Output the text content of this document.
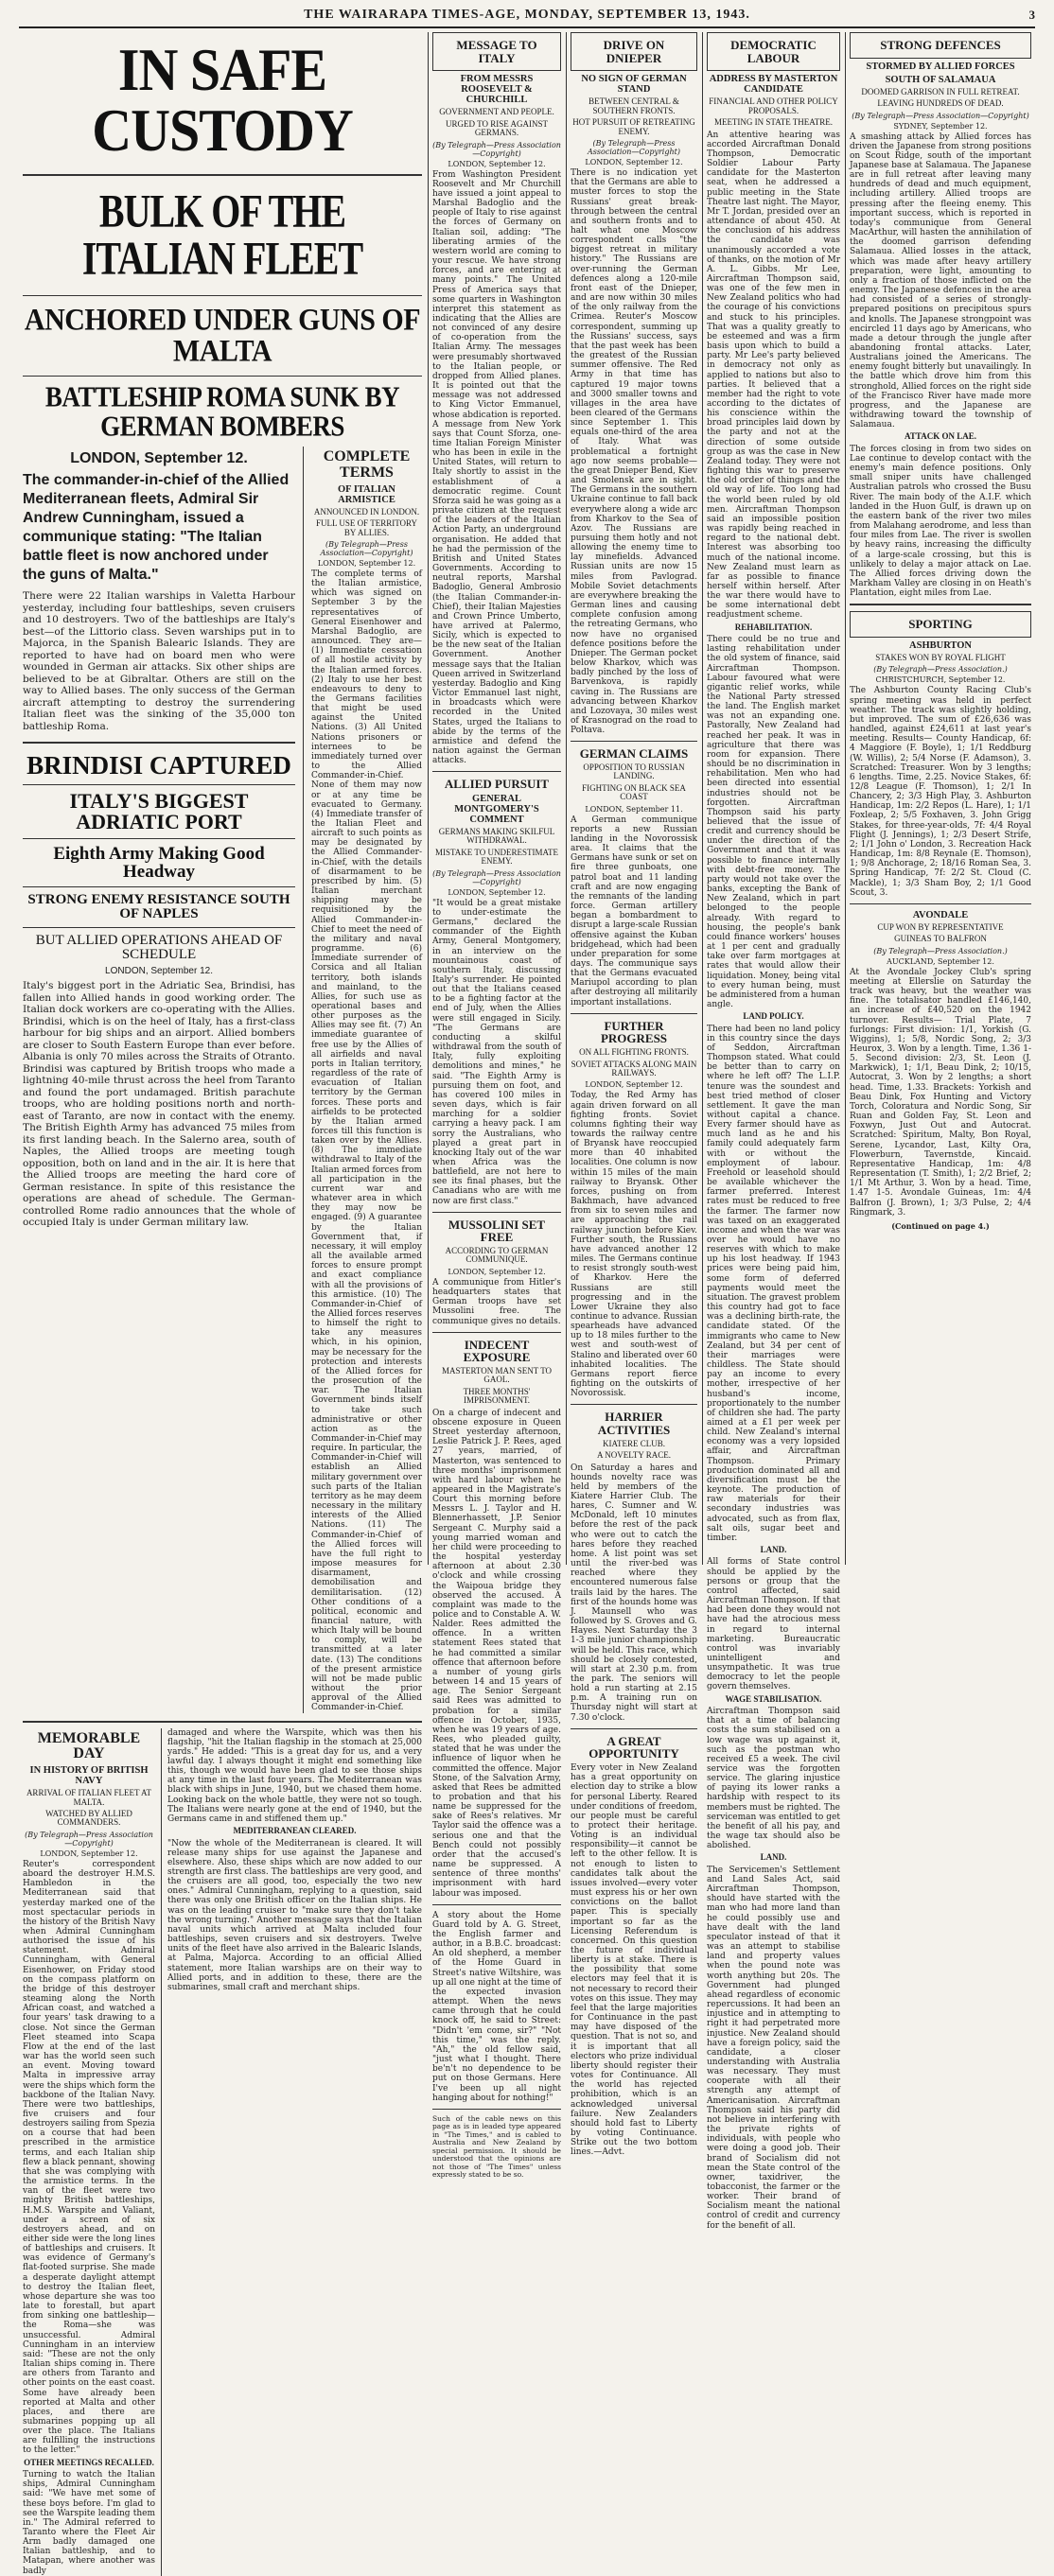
THE WAIRARAPA TIMES-AGE, MONDAY, SEPTEMBER 13, 1943.	3
IN SAFE CUSTODY
BULK OF THE ITALIAN FLEET
ANCHORED UNDER GUNS OF MALTA
BATTLESHIP ROMA SUNK BY GERMAN BOMBERS
LONDON, September 12.
The commander-in-chief of the Allied Mediterranean fleets, Admiral Sir Andrew Cunningham, issued a communique stating: "The Italian battle fleet is now anchored under the guns of Malta."
There were 22 Italian warships in Valetta Harbour yesterday, including four battleships, seven cruisers and 10 destroyers. Two of the battleships are Italy's best—of the Littorio class. Seven warships put in to Majorca, in the Spanish Balearic Islands. They are reported to have had on board men who were wounded in German air attacks. Six other ships are believed to be at Gibraltar. Others are still on the way to Allied bases. The only success of the German aircraft attempting to destroy the surrendering Italian fleet was the sinking of the 35,000 ton battleship Roma.
BRINDISI CAPTURED
ITALY'S BIGGEST ADRIATIC PORT
Eighth Army Making Good Headway
STRONG ENEMY RESISTANCE SOUTH OF NAPLES
BUT ALLIED OPERATIONS AHEAD OF SCHEDULE
LONDON, September 12.
Italy's biggest port in the Adriatic Sea, Brindisi, has fallen into Allied hands in good working order. The Italian dock workers are co-operating with the Allies. Brindisi, which is on the heel of Italy, has a first-class harbour for big ships and an airport. Allied bombers are closer to South Eastern Europe than ever before. Albania is only 70 miles across the Straits of Otranto. Brindisi was captured by British troops who made a lightning 40-mile thrust across the heel from Taranto and found the port undamaged. British parachute troops, who are holding positions north and north-east of Taranto, are now in contact with the enemy. The British Eighth Army has advanced 75 miles from its first landing beach. In the Salerno area, south of Naples, the Allied troops are meeting tough opposition, both on land and in the air. It is here that the Allied troops are meeting the hard core of German resistance. In spite of this resistance the operations are ahead of schedule. The German-controlled Rome radio announces that the whole of occupied Italy is under German military law.
COMPLETE TERMS
OF ITALIAN ARMISTICE
ANNOUNCED IN LONDON.
FULL USE OF TERRITORY BY ALLIES.
(By Telegraph—Press Association—Copyright)
LONDON, September 12.
The complete terms of the Italian armistice, which was signed on September 3 by the representatives of General Eisenhower and Marshal Badoglio, are announced. They are— (1) Immediate cessation of all hostile activity by the Italian armed forces. (2) Italy to use her best endeavours to deny to the Germans facilities that might be used against the United Nations. (3) All United Nations prisoners or internees to be immediately turned over to the Allied Commander-in-Chief. None of them may now or at any time be evacuated to Germany. (4) Immediate transfer of the Italian Fleet and aircraft to such points as may be designated by the Allied Commander-in-Chief, with the details of disarmament to be prescribed by him. (5) Italian merchant shipping may be requisitioned by the Allied Commander-in-Chief to meet the need of the military and naval programme. (6) Immediate surrender of Corsica and all Italian territory, both islands and mainland, to the Allies, for such use as operational bases and other purposes as the Allies may see fit. (7) An immediate guarantee of free use by the Allies of all airfields and naval ports in Italian territory, regardless of the rate of evacuation of Italian territory by the German forces. These ports and airfields to be protected by the Italian armed forces till this function is taken over by the Allies. (8) The immediate withdrawal to Italy of the Italian armed forces from all participation in the current war and whatever area in which they may now be engaged. (9) A guarantee by the Italian Government that, if necessary, it will employ all the available armed forces to ensure prompt and exact compliance with all the provisions of this armistice. (10) The Commander-in-Chief of the Allied forces reserves to himself the right to take any measures which, in his opinion, may be necessary for the protection and interests of the Allied forces for the prosecution of the war. The Italian Government binds itself to take such administrative or other action as the Commander-in-Chief may require. In particular, the Commander-in-Chief will establish an Allied military government over such parts of the Italian territory as he may deem necessary in the military interests of the Allied Nations. (11) The Commander-in-Chief of the Allied forces will have the full right to impose measures for disarmament, demobilisation and demilitarisation. (12) Other conditions of a political, economic and financial nature, with which Italy will be bound to comply, will be transmitted at a later date. (13) The conditions of the present armistice will not be made public without the prior approval of the Allied Commander-in-Chief.
MEMORABLE DAY
IN HISTORY OF BRITISH NAVY
ARRIVAL OF ITALIAN FLEET AT MALTA.
WATCHED BY ALLIED COMMANDERS.
(By Telegraph—Press Association—Copyright)
LONDON, September 12.
Reuter's correspondent aboard the destroyer H.M.S. Hambledon in the Mediterranean said that yesterday marked one of the most spectacular periods in the history of the British Navy when Admiral Cunningham authorised the issue of his statement. Admiral Cunningham, with General Eisenhower, on Friday stood on the compass platform on the bridge of this destroyer steaming along the North African coast, and watched a four years' task drawing to a close. Not since the German Fleet steamed into Scapa Flow at the end of the last war has the world seen such an event. Moving toward Malta in impressive array were the ships which form the backbone of the Italian Navy. There were two battleships, five cruisers and four destroyers sailing from Spezia on a course that had been prescribed in the armistice terms, and each Italian ship flew a black pennant, showing that she was complying with the armistice terms. In the van of the fleet were two mighty British battleships, H.M.S. Warspite and Valiant, under a screen of six destroyers ahead, and on either side were the long lines of battleships and cruisers. It was evidence of Germany's flat-footed surprise. She made a desperate daylight attempt to destroy the Italian fleet, whose departure she was too late to forestall, but apart from sinking one battleship—the Roma—she was unsuccessful. Admiral Cunningham in an interview said: "These are not the only Italian ships coming in. There are others from Taranto and other points on the east coast. Some have already been reported at Malta and other places, and there are submarines popping up all over the place. The Italians are fulfilling the instructions to the letter."
OTHER MEETINGS RECALLED.
Turning to watch the Italian ships, Admiral Cunningham said: "We have met some of these boys before. I'm glad to see the Warspite leading them in." The Admiral referred to Taranto where the Fleet Air Arm badly damaged one Italian battleship, and to Matapan, where another was badly
damaged and where the Warspite, which was then his flagship, "hit the Italian flagship in the stomach at 25,000 yards." He added: "This is a great day for us, and a very lawful day. I always thought it might end something like this, though we would have been glad to see those ships at any time in the last four years. The Mediterranean was black with ships in June, 1940, but we chased them home. Looking back on the whole battle, they were not so tough. The Italians were nearly gone at the end of 1940, but the Germans came in and stiffened them up."
MEDITERRANEAN CLEARED.
"Now the whole of the Mediterranean is cleared. It will release many ships for use against the Japanese and elsewhere. Also, these ships which are now added to our strength are first class. The battleships are very good, and the cruisers are all good, too, especially the two new ones." Admiral Cunningham, replying to a question, said there was only one British officer on the Italian ships. He was on the leading cruiser to "make sure they don't take the wrong turning." Another message says that the Italian naval units which arrived at Malta included four battleships, seven cruisers and six destroyers. Twelve units of the fleet have also arrived in the Balearic Islands, at Palma, Majorca. According to an official Allied statement, more Italian warships are on their way to Allied ports, and in addition to these, there are the submarines, small craft and merchant ships.
MESSAGE TO ITALY
FROM MESSRS ROOSEVELT & CHURCHILL
GOVERNMENT AND PEOPLE.
URGED TO RISE AGAINST GERMANS.
(By Telegraph—Press Association—Copyright)
LONDON, September 12.
From Washington President Roosevelt and Mr Churchill have issued a joint appeal to Marshal Badoglio and the people of Italy to rise against the forces of Germany on Italian soil, adding: "The liberating armies of the western world are coming to your rescue. We have strong forces, and are entering at many points." The United Press of America says that some quarters in Washington interpret this statement as indicating that the Allies are not convinced of any desire of co-operation from the Italian Army. The messages were presumably shortwaved to the Italian people, or dropped from Allied planes. It is pointed out that the message was not addressed to King Victor Emmanuel, whose abdication is reported. A message from New York says that Count Sforza, one-time Italian Foreign Minister who has been in exile in the United States, will return to Italy shortly to assist in the establishment of a democratic regime. Count Sforza said he was going as a private citizen at the request of the leaders of the Italian Action Party, an underground organisation. He added that he had the permission of the British and United States Governments. According to neutral reports, Marshal Badoglio, General Ambrosio (the Italian Commander-in-Chief), their Italian Majesties and Crown Prince Umberto, have arrived at Palermo, Sicily, which is expected to be the new seat of the Italian Government. Another message says that the Italian Queen arrived in Switzerland yesterday. Badoglio and King Victor Emmanuel last night, in broadcasts which were recorded in the United States, urged the Italians to abide by the terms of the armistice and defend the nation against the German attacks.
ALLIED PURSUIT
GENERAL MONTGOMERY'S COMMENT
GERMANS MAKING SKILFUL WITHDRAWAL.
MISTAKE TO UNDERESTIMATE ENEMY.
(By Telegraph—Press Association—Copyright)
LONDON, September 12.
"It would be a great mistake to under-estimate the Germans," declared the commander of the Eighth Army, General Montgomery, in an interview on the mountainous coast of southern Italy, discussing Italy's surrender. He pointed out that the Italians ceased to be a fighting factor at the end of July, when the Allies were still engaged in Sicily. "The Germans are conducting a skilful withdrawal from the south of Italy, fully exploiting demolitions and mines," he said. "The Eighth Army is pursuing them on foot, and has covered 100 miles in seven days, which is fair marching for a soldier carrying a heavy pack. I am sorry the Australians, who played a great part in knocking Italy out of the war when Africa was the battlefield, are not here to see its final phases, but the Canadians who are with me now are first class."
MUSSOLINI SET FREE
ACCORDING TO GERMAN COMMUNIQUE.
LONDON, September 12.
A communique from Hitler's headquarters states that German troops have set Mussolini free. The communique gives no details.
INDECENT EXPOSURE
MASTERTON MAN SENT TO GAOL.
THREE MONTHS' IMPRISONMENT.
On a charge of indecent and obscene exposure in Queen Street yesterday afternoon, Leslie Patrick J. P. Rees, aged 27 years, married, of Masterton, was sentenced to three months' imprisonment with hard labour when he appeared in the Magistrate's Court this morning before Messrs L. J. Taylor and H. Blennerhassett, J.P. Senior Sergeant C. Murphy said a young married woman and her child were proceeding to the hospital yesterday afternoon at about 2.30 o'clock and while crossing the Waipoua bridge they observed the accused. A complaint was made to the police and to Constable A. W. Nalder. Rees admitted the offence. In a written statement Rees stated that he had committed a similar offence that afternoon before a number of young girls between 14 and 15 years of age. The Senior Sergeant said Rees was admitted to probation for a similar offence in October, 1935, when he was 19 years of age. Rees, who pleaded guilty, stated that he was under the influence of liquor when he committed the offence. Major Stone, of the Salvation Army, asked that Rees be admitted to probation and that his name be suppressed for the sake of Rees's relatives. Mr Taylor said the offence was a serious one and that the Bench could not possibly order that the accused's name be suppressed. A sentence of three months' imprisonment with hard labour was imposed.
A story about the Home Guard told by A. G. Street, the English farmer and author, in a B.B.C. broadcast: An old shepherd, a member of the Home Guard in Street's native Wiltshire, was up all one night at the time of the expected invasion attempt. When the news came through that he could knock off, he said to Street: "Didn't 'em come, sir?" "Not this time," was the reply. "Ah," the old fellow said, "just what I thought. There be'n't no dependence to be put on those Germans. Here I've been up all night hanging about for nothing!"
Such of the cable news on this page as is in leaded type appeared in "The Times," and is cabled to Australia and New Zealand by special permission. It should be understood that the opinions are not those of "The Times" unless expressly stated to be so.
DRIVE ON DNIEPER
NO SIGN OF GERMAN STAND
BETWEEN CENTRAL & SOUTHERN FRONTS.
HOT PURSUIT OF RETREATING ENEMY.
(By Telegraph—Press Association—Copyright)
LONDON, September 12.
There is no indication yet that the Germans are able to muster forces to stop the Russians' great break-through between the central and southern fronts and to halt what one Moscow correspondent calls "the biggest retreat in military history." The Russians are over-running the German defences along a 120-mile front east of the Dnieper, and are now within 30 miles of the only railway from the Crimea. Reuter's Moscow correspondent, summing up the Russians' success, says that the past week has been the greatest of the Russian summer offensive. The Red Army in that time has captured 19 major towns and 3000 smaller towns and villages in the area have been cleared of the Germans since September 1. This equals one-third of the area of Italy. What was problematical a fortnight ago now seems probable—the great Dnieper Bend, Kiev and Smolensk are in sight. The Germans in the southern Ukraine continue to fall back everywhere along a wide arc from Kharkov to the Sea of Azov. The Russians are pursuing them hotly and not allowing the enemy time to lay minefields. Advanced Russian units are now 15 miles from Pavlograd. Mobile Soviet detachments are everywhere breaking the German lines and causing complete confusion among the retreating Germans, who now have no organised defence positions before the Dnieper. The German pocket below Kharkov, which was badly pinched by the loss of Barvenkova, is rapidly caving in. The Russians are advancing between Kharkov and Lozovaya, 30 miles west of Krasnograd on the road to Poltava.
GERMAN CLAIMS
OPPOSITION TO RUSSIAN LANDING.
FIGHTING ON BLACK SEA COAST
LONDON, September 11.
A German communique reports a new Russian landing in the Novorossisk area. It claims that the Germans have sunk or set on fire three gunboats, one patrol boat and 11 landing craft and are now engaging the remnants of the landing force. German artillery began a bombardment to disrupt a large-scale Russian offensive against the Kuban bridgehead, which had been under preparation for some days. The communique says that the Germans evacuated Mariupol according to plan after destroying all militarily important installations.
FURTHER PROGRESS
ON ALL FIGHTING FRONTS.
SOVIET ATTACKS ALONG MAIN RAILWAYS.
LONDON, September 12.
Today, the Red Army has again driven forward on all fighting fronts. Soviet columns fighting their way towards the railway centre of Bryansk have reoccupied more than 40 inhabited localities. One column is now within 15 miles of the main railway to Bryansk. Other forces, pushing on from Bakhmach, have advanced from six to seven miles and are approaching the rail railway junction before Kiev. Further south, the Russians have advanced another 12 miles. The Germans continue to resist strongly south-west of Kharkov. Here the Russians are still progressing and in the Lower Ukraine they also continue to advance. Russian spearheads have advanced up to 18 miles further to the west and south-west of Stalino and liberated over 60 inhabited localities. The Germans report fierce fighting on the outskirts of Novorossisk.
HARRIER ACTIVITIES
KIATERE CLUB.
A NOVELTY RACE.
On Saturday a hares and hounds novelty race was held by members of the Kiatere Harrier Club. The hares, C. Sumner and W. McDonald, left 10 minutes before the rest of the pack who were out to catch the hares before they reached home. A list point was set until the river-bed was reached where they encountered numerous false trails laid by the hares. The first of the hounds home was J. Maunsell who was followed by S. Groves and G. Hayes. Next Saturday the 3 1-3 mile junior championship will be held. This race, which should be closely contested, will start at 2.30 p.m. from the park. The seniors will hold a run starting at 2.15 p.m. A training run on Thursday night will start at 7.30 o'clock.
A GREAT OPPORTUNITY
Every voter in New Zealand has a great opportunity on election day to strike a blow for personal Liberty. Reared under conditions of freedom, our people must be careful to protect their heritage. Voting is an individual responsibility—it cannot be left to the other fellow. It is not enough to listen to candidates talk about the issues involved—every voter must express his or her own convictions on the ballot paper. This is specially important so far as the Licensing Referendum is concerned. On this question the future of individual liberty is at stake. There is the possibility that some electors may feel that it is not necessary to record their votes on this issue. They may feel that the large majorities for Continuance in the past may have disposed of the question. That is not so, and it is important that all electors who prize individual liberty should register their votes for Continuance. All the world has rejected prohibition, which is an acknowledged universal failure. New Zealanders should hold fast to Liberty by voting Continuance. Strike out the two bottom lines.—Advt.
DEMOCRATIC LABOUR
ADDRESS BY MASTERTON CANDIDATE
FINANCIAL AND OTHER POLICY PROPOSALS.
MEETING IN STATE THEATRE.
An attentive hearing was accorded Aircraftman Donald Thompson, Democratic Soldier Labour Party candidate for the Masterton seat, when he addressed a public meeting in the State Theatre last night. The Mayor, Mr T. Jordan, presided over an attendance of about 450. At the conclusion of his address the candidate was unanimously accorded a vote of thanks, on the motion of Mr A. L. Gibbs. Mr Lee, Aircraftman Thompson said, was one of the few men in New Zealand politics who had the courage of his convictions and stuck to his principles. That was a quality greatly to be esteemed and was a firm basis upon which to build a party. Mr Lee's party believed in democracy not only as applied to nations but also to parties. It believed that a member had the right to vote according to the dictates of his conscience within the broad principles laid down by the party and not at the direction of some outside group as was the case in New Zealand today. They were not fighting this war to preserve the old order of things and the old way of life. Too long had the world been ruled by old men. Aircraftman Thompson said an impossible position was rapidly being reached in regard to the national debt. Interest was absorbing too much of the national income. New Zealand must learn as far as possible to finance herself within herself. After the war there would have to be some international debt readjustment scheme.
REHABILITATION.
There could be no true and lasting rehabilitation under the old system of finance, said Aircraftman Thompson. Labour favoured what were gigantic relief works, while the National Party stressed the land. The English market was not an expanding one. Pastorally, New Zealand had reached her peak. It was in agriculture that there was room for expansion. There should be no discrimination in rehabilitation. Men who had been directed into essential industries should not be forgotten. Aircraftman Thompson said his party believed that the issue of credit and currency should be under the direction of the Government and that it was possible to finance internally with debt-free money. The party would not take over the banks, excepting the Bank of New Zealand, which in part belonged to the people already. With regard to housing, the people's bank could finance workers' houses at 1 per cent and gradually take over farm mortgages at rates that would allow their liquidation. Money, being vital to every human being, must be administered from a human angle.
LAND POLICY.
There had been no land policy in this country since the days of Seddon, Aircraftman Thompson stated. What could be better than to carry on where he left off? The L.I.P. tenure was the soundest and best tried method of closer settlement. It gave the man without capital a chance. Every farmer should have as much land as he and his family could adequately farm with or without the employment of labour. Freehold or leasehold should be available whichever the farmer preferred. Interest rates must be reduced to free the farmer. The farmer now was taxed on an exaggerated income and when the war was over he would have no reserves with which to make up his lost headway. If 1943 prices were being paid him, some form of deferred payments would meet the situation. The gravest problem this country had got to face was a declining birth-rate, the candidate stated. Of the immigrants who came to New Zealand, but 34 per cent of their marriages were childless. The State should pay an income to every mother, irrespective of her husband's income, proportionately to the number of children she had. The party aimed at a £1 per week per child. New Zealand's internal economy was a very lopsided affair, and Aircraftman Thompson. Primary production dominated all and diversification must be the keynote. The production of raw materials for their secondary industries was advocated, such as from flax, salt oils, sugar beet and timber.
LAND.
All forms of State control should be applied by the persons or group that the control affected, said Aircraftman Thompson. If that had been done they would not have had the atrocious mess in regard to internal marketing. Bureaucratic control was invariably unintelligent and unsympathetic. It was true democracy to let the people govern themselves.
WAGE STABILISATION.
Aircraftman Thompson said that at a time of balancing costs the sum stabilised on a low wage was up against it, such as the postman who received £5 a week. The civil service was the forgotten service. The glaring injustice of paying its lower ranks a hardship with respect to its members must be righted. The serviceman was entitled to get the benefit of all his pay, and the wage tax should also be abolished.
LAND.
The Servicemen's Settlement and Land Sales Act, said Aircraftman Thompson, should have started with the man who had more land than he could possibly use and have dealt with the land speculator instead of that it was an attempt to stabilise land and property values when the pound note was worth anything but 20s. The Government had plunged ahead regardless of economic repercussions. It had been an injustice and in attempting to right it had perpetrated more injustice. New Zealand should have a foreign policy, said the candidate, a closer understanding with Australia was necessary. They must cooperate with all their strength any attempt of Americanisation. Aircraftman Thompson said his party did not believe in interfering with the private rights of individuals, with people who were doing a good job. Their brand of Socialism did not mean the State control of the owner, taxidriver, the tobacconist, the farmer or the worker. Their brand of Socialism meant the national control of credit and currency for the benefit of all.
STRONG DEFENCES
STORMED BY ALLIED FORCES
SOUTH OF SALAMAUA
DOOMED GARRISON IN FULL RETREAT.
LEAVING HUNDREDS OF DEAD.
(By Telegraph—Press Association—Copyright)
SYDNEY, September 12.
A smashing attack by Allied forces has driven the Japanese from strong positions on Scout Ridge, south of the important Japanese base at Salamaua. The Japanese are in full retreat after leaving many hundreds of dead and much equipment, including artillery. Allied troops are pressing after the fleeing enemy. This important success, which is reported in today's communique from General MacArthur, will hasten the annihilation of the doomed garrison defending Salamaua. Allied losses in the attack, which was made after heavy artillery preparation, were light, amounting to only a fraction of those inflicted on the enemy. The Japanese defences in the area had consisted of a series of strongly-prepared positions on precipitous spurs and knolls. The Japanese strongpoint was encircled 11 days ago by Americans, who made a detour through the jungle after abandoning frontal attacks. Later, Australians joined the Americans. The enemy fought bitterly but unavailingly. In the battle which drove him from this stronghold, Allied forces on the right side of the Francisco River have made more progress, and the Japanese are withdrawing toward the township of Salamaua.
ATTACK ON LAE.
The forces closing in from two sides on Lae continue to develop contact with the enemy's main defence positions. Only small sniper units have challenged Australian patrols who crossed the Busu River. The main body of the A.I.F. which landed in the Huon Gulf, is drawn up on the eastern bank of the river two miles from Malahang aerodrome, and less than four miles from Lae. The river is swollen by heavy rains, increasing the difficulty of a large-scale crossing, but this is unlikely to delay a major attack on Lae. The Allied forces driving down the Markham Valley are closing in on Heath's Plantation, eight miles from Lae.
SPORTING
ASHBURTON
STAKES WON BY ROYAL FLIGHT
(By Telegraph—Press Association.)
CHRISTCHURCH, September 12.
The Ashburton County Racing Club's spring meeting was held in perfect weather. The track was slightly holding, but improved. The sum of £26,636 was handled, against £24,611 at last year's meeting. Results— County Handicap, 6f: 4 Maggiore (F. Boyle), 1; 1/1 Reddburg (W. Willis), 2; 5/4 Norse (F. Adamson), 3. Scratched: Treasurer. Won by 3 lengths; 6 lengths. Time, 2.25. Novice Stakes, 6f: 12/8 League (F. Thomson), 1; 2/1 In Chancery, 2; 3/3 High Play, 3. Ashburton Handicap, 1m: 2/2 Repos (L. Hare), 1; 1/1 Foxleap, 2; 5/5 Foxhaven, 3. John Grigg Stakes, for three-year-olds, 7f: 4/4 Royal Flight (J. Jennings), 1; 2/3 Desert Strife, 2; 1/1 John o' London, 3. Recreation Hack Handicap, 1m: 8/8 Reynale (E. Thomson), 1; 9/8 Anchorage, 2; 18/16 Roman Sea, 3. Spring Handicap, 7f: 2/2 St. Cloud (C. Mackle), 1; 3/3 Sham Boy, 2; 1/1 Good Scout, 3.
AVONDALE
CUP WON BY REPRESENTATIVE
GUINEAS TO BALFRON
(By Telegraph—Press Association.)
AUCKLAND, September 12.
At the Avondale Jockey Club's spring meeting at Ellerslie on Saturday the track was heavy, but the weather was fine. The totalisator handled £146,140, an increase of £40,520 on the 1942 turnover. Results— Trial Plate, 7 furlongs: First division: 1/1, Yorkish (G. Wiggins), 1; 5/8, Nordic Song, 2; 3/3 Heurox, 3. Won by a length. Time, 1.36 1-5. Second division: 2/3, St. Leon (J. Markwick), 1; 1/1, Beau Dink, 2; 10/15, Autocrat, 3. Won by 2 lengths; a short head. Time, 1.33. Brackets: Yorkish and Beau Dink, Fox Hunting and Victory Torch, Coloratura and Nordic Song, Sir Ruan and Golden Fay, St. Leon and Foxwyn, Just Out and Autocrat. Scratched: Spiritum, Malty, Bon Royal, Serene, Lycandor, Last, Kilty Ora, Flowerburn, Tavernstde, Kincaid. Representative Handicap, 1m: 4/8 Representation (T. Smith), 1; 2/2 Brief, 2; 1/1 Mt Arthur, 3. Won by a head. Time, 1.47 1-5. Avondale Guineas, 1m: 4/4 Balfron (J. Brown), 1; 3/3 Pulse, 2; 4/4 Ringmark, 3.
(Continued on page 4.)
